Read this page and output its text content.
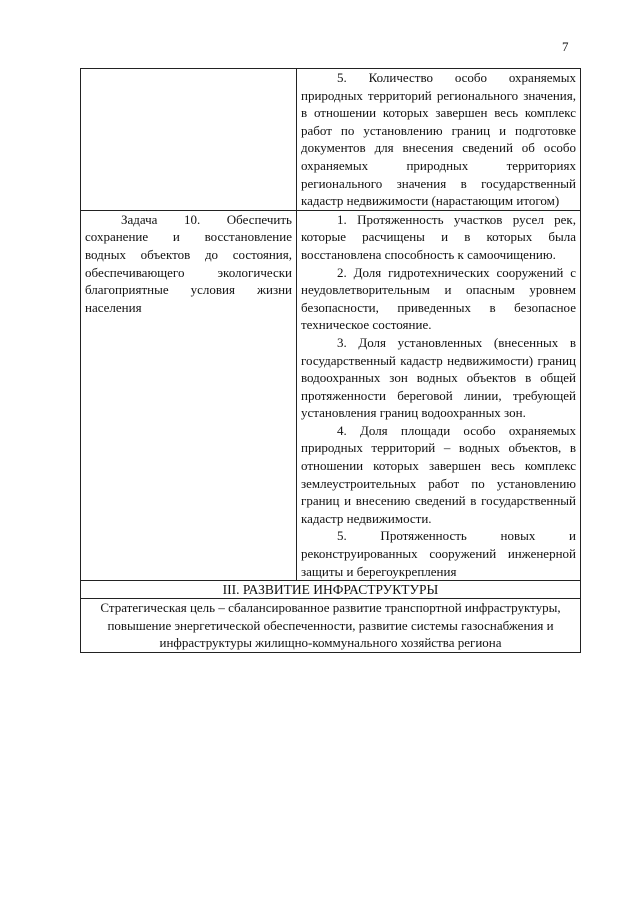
7

	5. Количество особо охраняемых природных территорий регионального значения, в отношении которых завершен весь комплекс работ по установлению границ и подготовке документов для внесения сведений об особо охраняемых природных территориях регионального значения в государственный кадастр недвижимости (нарастающим итогом)

Задача 10. Обеспечить сохранение и восстановление водных объектов до состояния, обеспечивающего экологически благоприятные условия жизни населения	1. Протяженность участков русел рек, которые расчищены и в которых была восстановлена способность к самоочищению.

2. Доля гидротехнических сооружений с неудовлетворительным и опасным уровнем безопасности, приведенных в безопасное техническое состояние.

3. Доля установленных (внесенных в государственный кадастр недвижимости) границ водоохранных зон водных объектов в общей протяженности береговой линии, требующей установления границ водоохранных зон.

4. Доля площади особо охраняемых природных территорий – водных объектов, в отношении которых завершен весь комплекс землеустроительных работ по установлению границ и внесению сведений в государственный кадастр недвижимости.

5. Протяженность новых и реконструированных сооружений инженерной защиты и берегоукрепления

III. РАЗВИТИЕ ИНФРАСТРУКТУРЫ	
Стратегическая цель – сбалансированное развитие транспортной инфраструктуры, повышение энергетической обеспеченности, развитие системы газоснабжения и инфраструктуры жилищно-коммунального хозяйства региона	
